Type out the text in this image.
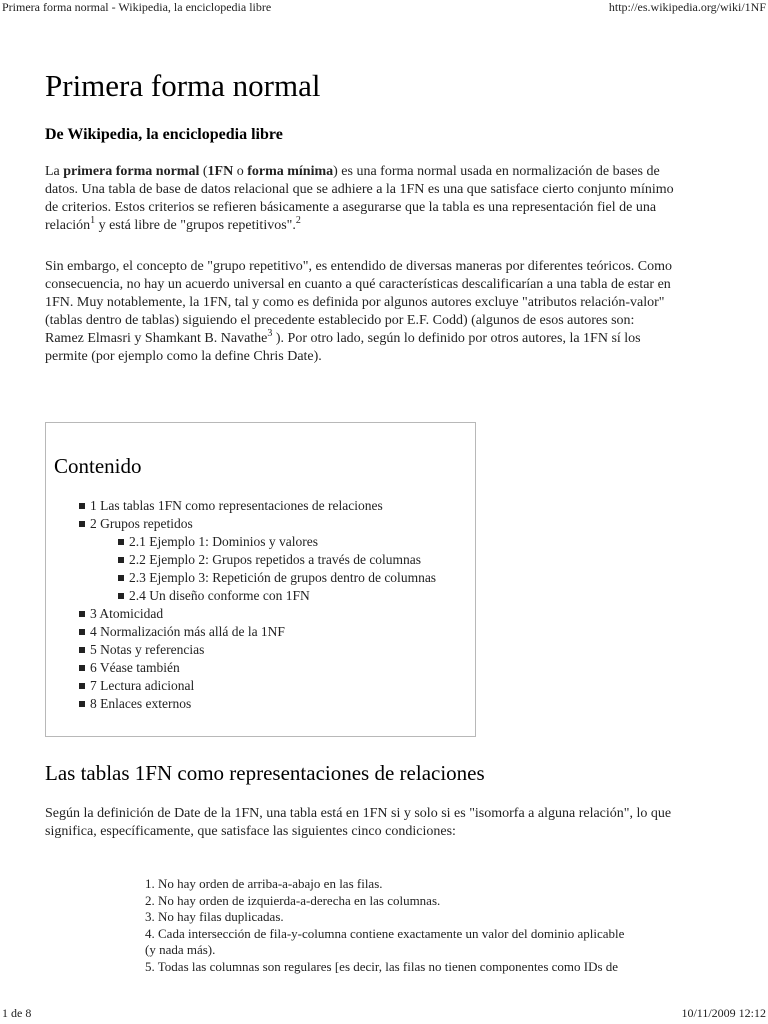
Primera forma normal - Wikipedia, la enciclopedia libre	http://es.wikipedia.org/wiki/1NF
Primera forma normal
De Wikipedia, la enciclopedia libre

La primera forma normal (1FN o forma mínima) es una forma normal usada en normalización de bases de
datos. Una tabla de base de datos relacional que se adhiere a la 1FN es una que satisface cierto conjunto mínimo
de criterios. Estos criterios se refieren básicamente a asegurarse que la tabla es una representación fiel de una
relación$^1$ y está libre de "grupos repetitivos".$^2$

Sin embargo, el concepto de "grupo repetitivo", es entendido de diversas maneras por diferentes teóricos. Como
consecuencia, no hay un acuerdo universal en cuanto a qué características descalificarían a una tabla de estar en
1FN. Muy notablemente, la 1FN, tal y como es definida por algunos autores excluye "atributos relación-valor"
(tablas dentro de tablas) siguiendo el precedente establecido por E.F. Codd) (algunos de esos autores son:
Ramez Elmasri y Shamkant B. Navathe$^3$ ). Por otro lado, según lo definido por otros autores, la 1FN sí los
permite (por ejemplo como la define Chris Date).

Según la definición de Date de la 1FN, una tabla está en 1FN si y solo si es "isomorfa a alguna relación", lo que
significa, específicamente, que satisface las siguientes cinco condiciones:

Contenido
1 Las tablas 1FN como representaciones de relaciones
2 Grupos repetidos
2.1 Ejemplo 1: Dominios y valores
2.2 Ejemplo 2: Grupos repetidos a través de columnas
2.3 Ejemplo 3: Repetición de grupos dentro de columnas
2.4 Un diseño conforme con 1FN
3 Atomicidad
4 Normalización más allá de la 1NF
5 Notas y referencias
6 Véase también
7 Lectura adicional
8 Enlaces externos
Las tablas 1FN como representaciones de relaciones
1. No hay orden de arriba-a-abajo en las filas.
2. No hay orden de izquierda-a-derecha en las columnas.
3. No hay filas duplicadas.
4. Cada intersección de fila-y-columna contiene exactamente un valor del dominio aplicable
(y nada más).
5. Todas las columnas son regulares [es decir, las filas no tienen componentes como IDs de
1 de 8	10/11/2009 12:12
